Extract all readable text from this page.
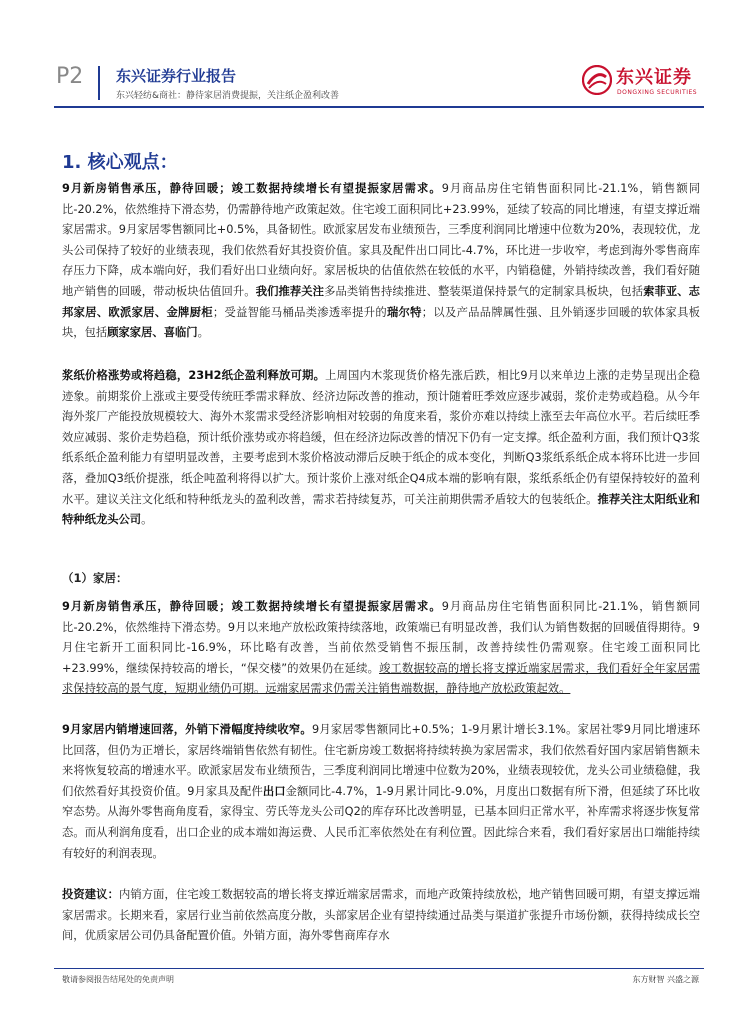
P2 东兴证券行业报告
东兴轻纺&商社：静待家居消费提振，关注纸企盈利改善
东兴证券
DONGXING SECURITIES
1. 核心观点：
9月新房销售承压，静待回暖；竣工数据持续增长有望提振家居需求。9月商品房住宅销售面积同比-21.1%，销售额同比-20.2%，依然维持下滑态势，仍需静待地产政策起效。住宅竣工面积同比+23.99%，延续了较高的同比增速，有望支撑近端家居需求。9月家居零售额同比+0.5%，具备韧性。欧派家居发布业绩预告，三季度利润同比增速中位数为20%，表现较优，龙头公司保持了较好的业绩表现，我们依然看好其投资价值。家具及配件出口同比-4.7%，环比进一步收窄，考虑到海外零售商库存压力下降，成本端向好，我们看好出口业绩向好。家居板块的估值依然在较低的水平，内销稳健，外销持续改善，我们看好随地产销售的回暖，带动板块估值回升。我们推荐关注多品类销售持续推进、整装渠道保持景气的定制家具板块，包括索菲亚、志邦家居、欧派家居、金牌厨柜；受益智能马桶品类渗透率提升的瑞尔特；以及产品品牌属性强、且外销逐步回暖的软体家具板块，包括顾家家居、喜临门。
浆纸价格涨势或将趋稳，23H2纸企盈利释放可期。上周国内木浆现货价格先涨后跌，相比9月以来单边上涨的走势呈现出企稳迹象。前期浆价上涨或主要受传统旺季需求释放、经济边际改善的推动，预计随着旺季效应逐步减弱，浆价走势或趋稳。从今年海外浆厂产能投放规模较大、海外木浆需求受经济影响相对较弱的角度来看，浆价亦难以持续上涨至去年高位水平。若后续旺季效应减弱、浆价走势趋稳，预计纸价涨势或亦将趋缓，但在经济边际改善的情况下仍有一定支撑。纸企盈利方面，我们预计Q3浆纸系纸企盈利能力有望明显改善，主要考虑到木浆价格波动滞后反映于纸企的成本变化，判断Q3浆纸系纸企成本将环比进一步回落，叠加Q3纸价提涨，纸企吨盈利将得以扩大。预计浆价上涨对纸企Q4成本端的影响有限，浆纸系纸企仍有望保持较好的盈利水平。建议关注文化纸和特种纸龙头的盈利改善，需求若持续复苏，可关注前期供需矛盾较大的包装纸企。推荐关注太阳纸业和特种纸龙头公司。
（1）家居：
9月新房销售承压，静待回暖；竣工数据持续增长有望提振家居需求。9月商品房住宅销售面积同比-21.1%，销售额同比-20.2%，依然维持下滑态势。9月以来地产放松政策持续落地，政策端已有明显改善，我们认为销售数据的回暖值得期待。9月住宅新开工面积同比-16.9%，环比略有改善，当前依然受销售不振压制，改善持续性仍需观察。住宅竣工面积同比+23.99%，继续保持较高的增长，“保交楼”的效果仍在延续。竣工数据较高的增长将支撑近端家居需求，我们看好全年家居需求保持较高的景气度，短期业绩仍可期。远端家居需求仍需关注销售端数据，静待地产放松政策起效。
9月家居内销增速回落，外销下滑幅度持续收窄。9月家居零售额同比+0.5%；1-9月累计增长3.1%。家居社零9月同比增速环比回落，但仍为正增长，家居终端销售依然有韧性。住宅新房竣工数据将持续转换为家居需求，我们依然看好国内家居销售额未来将恢复较高的增速水平。欧派家居发布业绩预告，三季度利润同比增速中位数为20%，业绩表现较优，龙头公司业绩稳健，我们依然看好其投资价值。9月家具及配件出口金额同比-4.7%，1-9月累计同比-9.0%，月度出口数据有所下滑，但延续了环比收窄态势。从海外零售商角度看，家得宝、劳氏等龙头公司Q2的库存环比改善明显，已基本回归正常水平，补库需求将逐步恢复常态。而从利润角度看，出口企业的成本端如海运费、人民币汇率依然处在有利位置。因此综合来看，我们看好家居出口端能持续有较好的利润表现。
投资建议：内销方面，住宅竣工数据较高的增长将支撑近端家居需求，而地产政策持续放松，地产销售回暖可期，有望支撑远端家居需求。长期来看，家居行业当前依然高度分散，头部家居企业有望持续通过品类与渠道扩张提升市场份额，获得持续成长空间，优质家居公司仍具备配置价值。外销方面，海外零售商库存水
敬请参阅报告结尾处的免责声明	东方财智 兴盛之源
